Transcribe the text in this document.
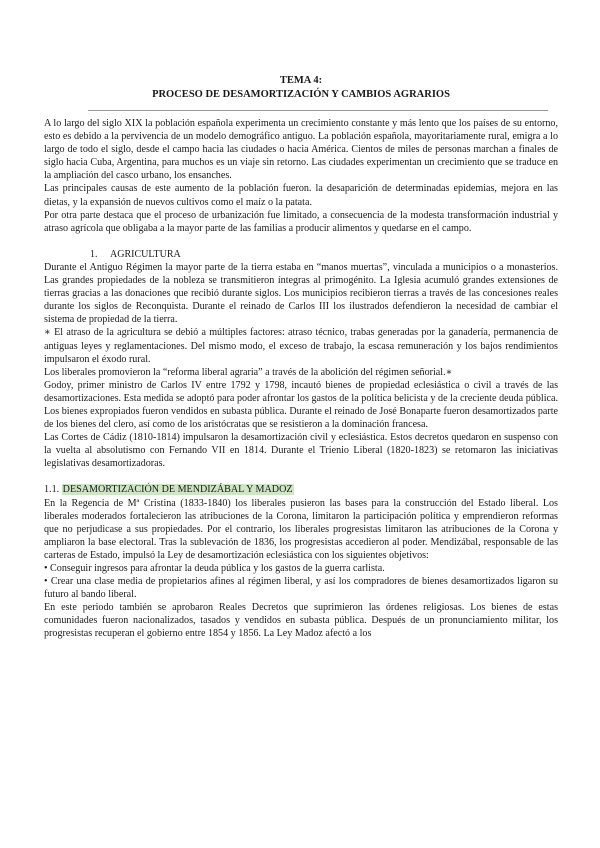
TEMA 4:

PROCESO DE DESAMORTIZACIÓN Y CAMBIOS AGRARIOS

A lo largo del siglo XIX la población española experimenta un crecimiento constante y más lento que los países de su entorno, esto es debido a la pervivencia de un modelo demográfico antiguo. La población española, mayoritariamente rural, emigra a lo largo de todo el siglo, desde el campo hacia las ciudades o hacia América. Cientos de miles de personas marchan a finales de siglo hacia Cuba, Argentina, para muchos es un viaje sin retorno. Las ciudades experimentan un crecimiento que se traduce en la ampliación del casco urbano, los ensanches.

Las principales causas de este aumento de la población fueron. la desaparición de determinadas epidemias, mejora en las dietas, y la expansión de nuevos cultivos como el maíz o la patata.

Por otra parte destaca que el proceso de urbanización fue limitado, a consecuencia de la modesta transformación industrial y atraso agrícola que obligaba a la mayor parte de las familias a producir alimentos y quedarse en el campo.

1. AGRICULTURA

Durante el Antiguo Régimen la mayor parte de la tierra estaba en “manos muertas”, vinculada a municipios o a monasterios. Las grandes propiedades de la nobleza se transmitieron íntegras al primogénito. La Iglesia acumuló grandes extensiones de tierras gracias a las donaciones que recibió durante siglos. Los municipios recibieron tierras a través de las concesiones reales durante los siglos de Reconquista. Durante el reinado de Carlos III los ilustrados defendieron la necesidad de cambiar el sistema de propiedad de la tierra.

∗ El atraso de la agricultura se debió a múltiples factores: atraso técnico, trabas generadas por la ganadería, permanencia de antiguas leyes y reglamentaciones. Del mismo modo, el exceso de trabajo, la escasa remuneración y los bajos rendimientos impulsaron el éxodo rural.

Los liberales promovieron la “reforma liberal agraria” a través de la abolición del régimen señorial.∗

Godoy, primer ministro de Carlos IV entre 1792 y 1798, incautó bienes de propiedad eclesiástica o civil a través de las desamortizaciones. Esta medida se adoptó para poder afrontar los gastos de la política belicista y de la creciente deuda pública. Los bienes expropiados fueron vendidos en subasta pública. Durante el reinado de José Bonaparte fueron desamortizados parte de los bienes del clero, así como de los aristócratas que se resistieron a la dominación francesa.

Las Cortes de Cádiz (1810-1814) impulsaron la desamortización civil y eclesiástica. Estos decretos quedaron en suspenso con la vuelta al absolutismo con Fernando VII en 1814. Durante el Trienio Liberal (1820-1823) se retomaron las iniciativas legislativas desamortizadoras.

1.1. DESAMORTIZACIÓN DE MENDIZÁBAL Y MADOZ

En la Regencia de Mª Cristina (1833-1840) los liberales pusieron las bases para la construcción del Estado liberal. Los liberales moderados fortalecieron las atribuciones de la Corona, limitaron la participación política y emprendieron reformas que no perjudicase a sus propiedades. Por el contrario, los liberales progresistas limitaron las atribuciones de la Corona y ampliaron la base electoral. Tras la sublevación de 1836, los progresistas accedieron al poder. Mendizábal, responsable de las carteras de Estado, impulsó la Ley de desamortización eclesiástica con los siguientes objetivos:

• Conseguir ingresos para afrontar la deuda pública y los gastos de la guerra carlista.

• Crear una clase media de propietarios afines al régimen liberal, y así los compradores de bienes desamortizados ligaron su futuro al bando liberal.

En este periodo también se aprobaron Reales Decretos que suprimieron las órdenes religiosas. Los bienes de estas comunidades fueron nacionalizados, tasados y vendidos en subasta pública. Después de un pronunciamiento militar, los progresistas recuperan el gobierno entre 1854 y 1856. La Ley Madoz afectó a los
